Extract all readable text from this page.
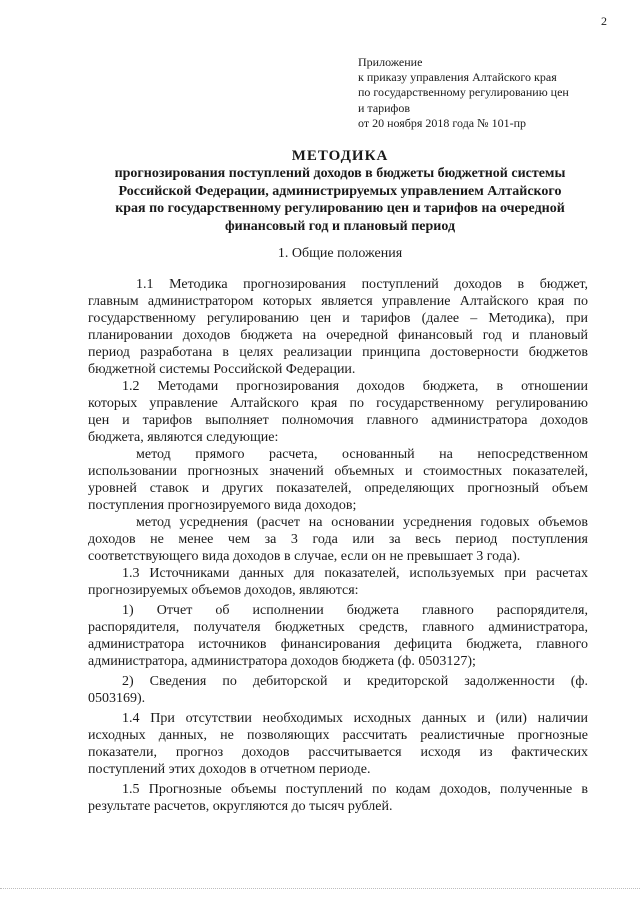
2
Приложение
к приказу управления Алтайского края
по государственному регулированию цен
и тарифов
от 20 ноября 2018 года № 101-пр
МЕТОДИКА
прогнозирования поступлений доходов в бюджеты бюджетной системы
Российской Федерации, администрируемых управлением Алтайского
края по государственному регулированию цен и тарифов на очередной
финансовый год и плановый период
1. Общие положения
1.1 Методика прогнозирования поступлений доходов в бюджет,
главным администратором которых является управление Алтайского края по
государственному регулированию цен и тарифов (далее – Методика), при
планировании доходов бюджета на очередной финансовый год и плановый
период разработана в целях реализации принципа достоверности бюджетов
бюджетной системы Российской Федерации.
1.2 Методами прогнозирования доходов бюджета, в отношении
которых управление Алтайского края по государственному регулированию
цен и тарифов выполняет полномочия главного администратора доходов
бюджета, являются следующие:
метод прямого расчета, основанный на непосредственном
использовании прогнозных значений объемных и стоимостных показателей,
уровней ставок и других показателей, определяющих прогнозный объем
поступления прогнозируемого вида доходов;
метод усреднения (расчет на основании усреднения годовых объемов
доходов не менее чем за 3 года или за весь период поступления
соответствующего вида доходов в случае, если он не превышает 3 года).
1.3 Источниками данных для показателей, используемых при расчетах
прогнозируемых объемов доходов, являются:
1) Отчет об исполнении бюджета главного распорядителя,
распорядителя, получателя бюджетных средств, главного администратора,
администратора источников финансирования дефицита бюджета, главного
администратора, администратора доходов бюджета (ф. 0503127);
2) Сведения по дебиторской и кредиторской задолженности (ф.
0503169).
1.4 При отсутствии необходимых исходных данных и (или) наличии
исходных данных, не позволяющих рассчитать реалистичные прогнозные
показатели, прогноз доходов рассчитывается исходя из фактических
поступлений этих доходов в отчетном периоде.
1.5 Прогнозные объемы поступлений по кодам доходов, полученные в
результате расчетов, округляются до тысяч рублей.
